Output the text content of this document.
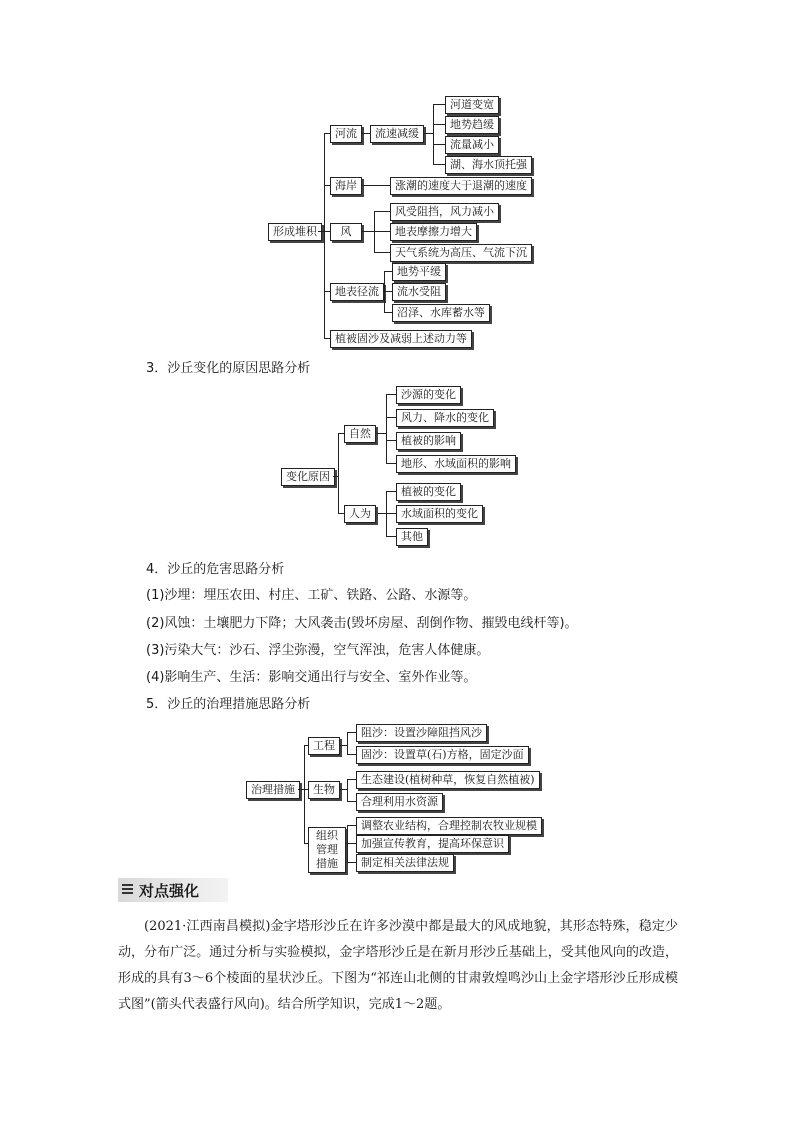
形成堆积
河流	流速减缓
河道变宽
地势趋缓
流量减小
湖、海水顶托强
海岸	涨潮的速度大于退潮的速度
风
风受阻挡，风力减小
地表摩擦力增大
天气系统为高压、气流下沉
地表径流
地势平缓
流水受阻
沼泽、水库蓄水等
植被固沙及减弱上述动力等
3．沙丘变化的原因思路分析
变化原因
自然
沙源的变化
风力、降水的变化
植被的影响
地形、水域面积的影响
人为
植被的变化
水域面积的变化
其他
4．沙丘的危害思路分析
(1)沙埋：埋压农田、村庄、工矿、铁路、公路、水源等。
(2)风蚀：土壤肥力下降；大风袭击(毁坏房屋、刮倒作物、摧毁电线杆等)。
(3)污染大气：沙石、浮尘弥漫，空气浑浊，危害人体健康。
(4)影响生产、生活：影响交通出行与安全、室外作业等。
5．沙丘的治理措施思路分析
治理措施
工程
阻沙：设置沙障阻挡风沙
固沙：设置草(石)方格，固定沙面
生物
生态建设(植树种草，恢复自然植被)
合理利用水资源
组织管理措施
调整农业结构，合理控制农牧业规模
加强宣传教育，提高环保意识
制定相关法律法规
对点强化
(2021·江西南昌模拟)金字塔形沙丘在许多沙漠中都是最大的风成地貌，其形态特殊，稳定少动，分布广泛。通过分析与实验模拟，金字塔形沙丘是在新月形沙丘基础上，受其他风向的改造，形成的具有3～6个棱面的星状沙丘。下图为“祁连山北侧的甘肃敦煌鸣沙山上金字塔形沙丘形成模式图”(箭头代表盛行风向)。结合所学知识，完成1～2题。
